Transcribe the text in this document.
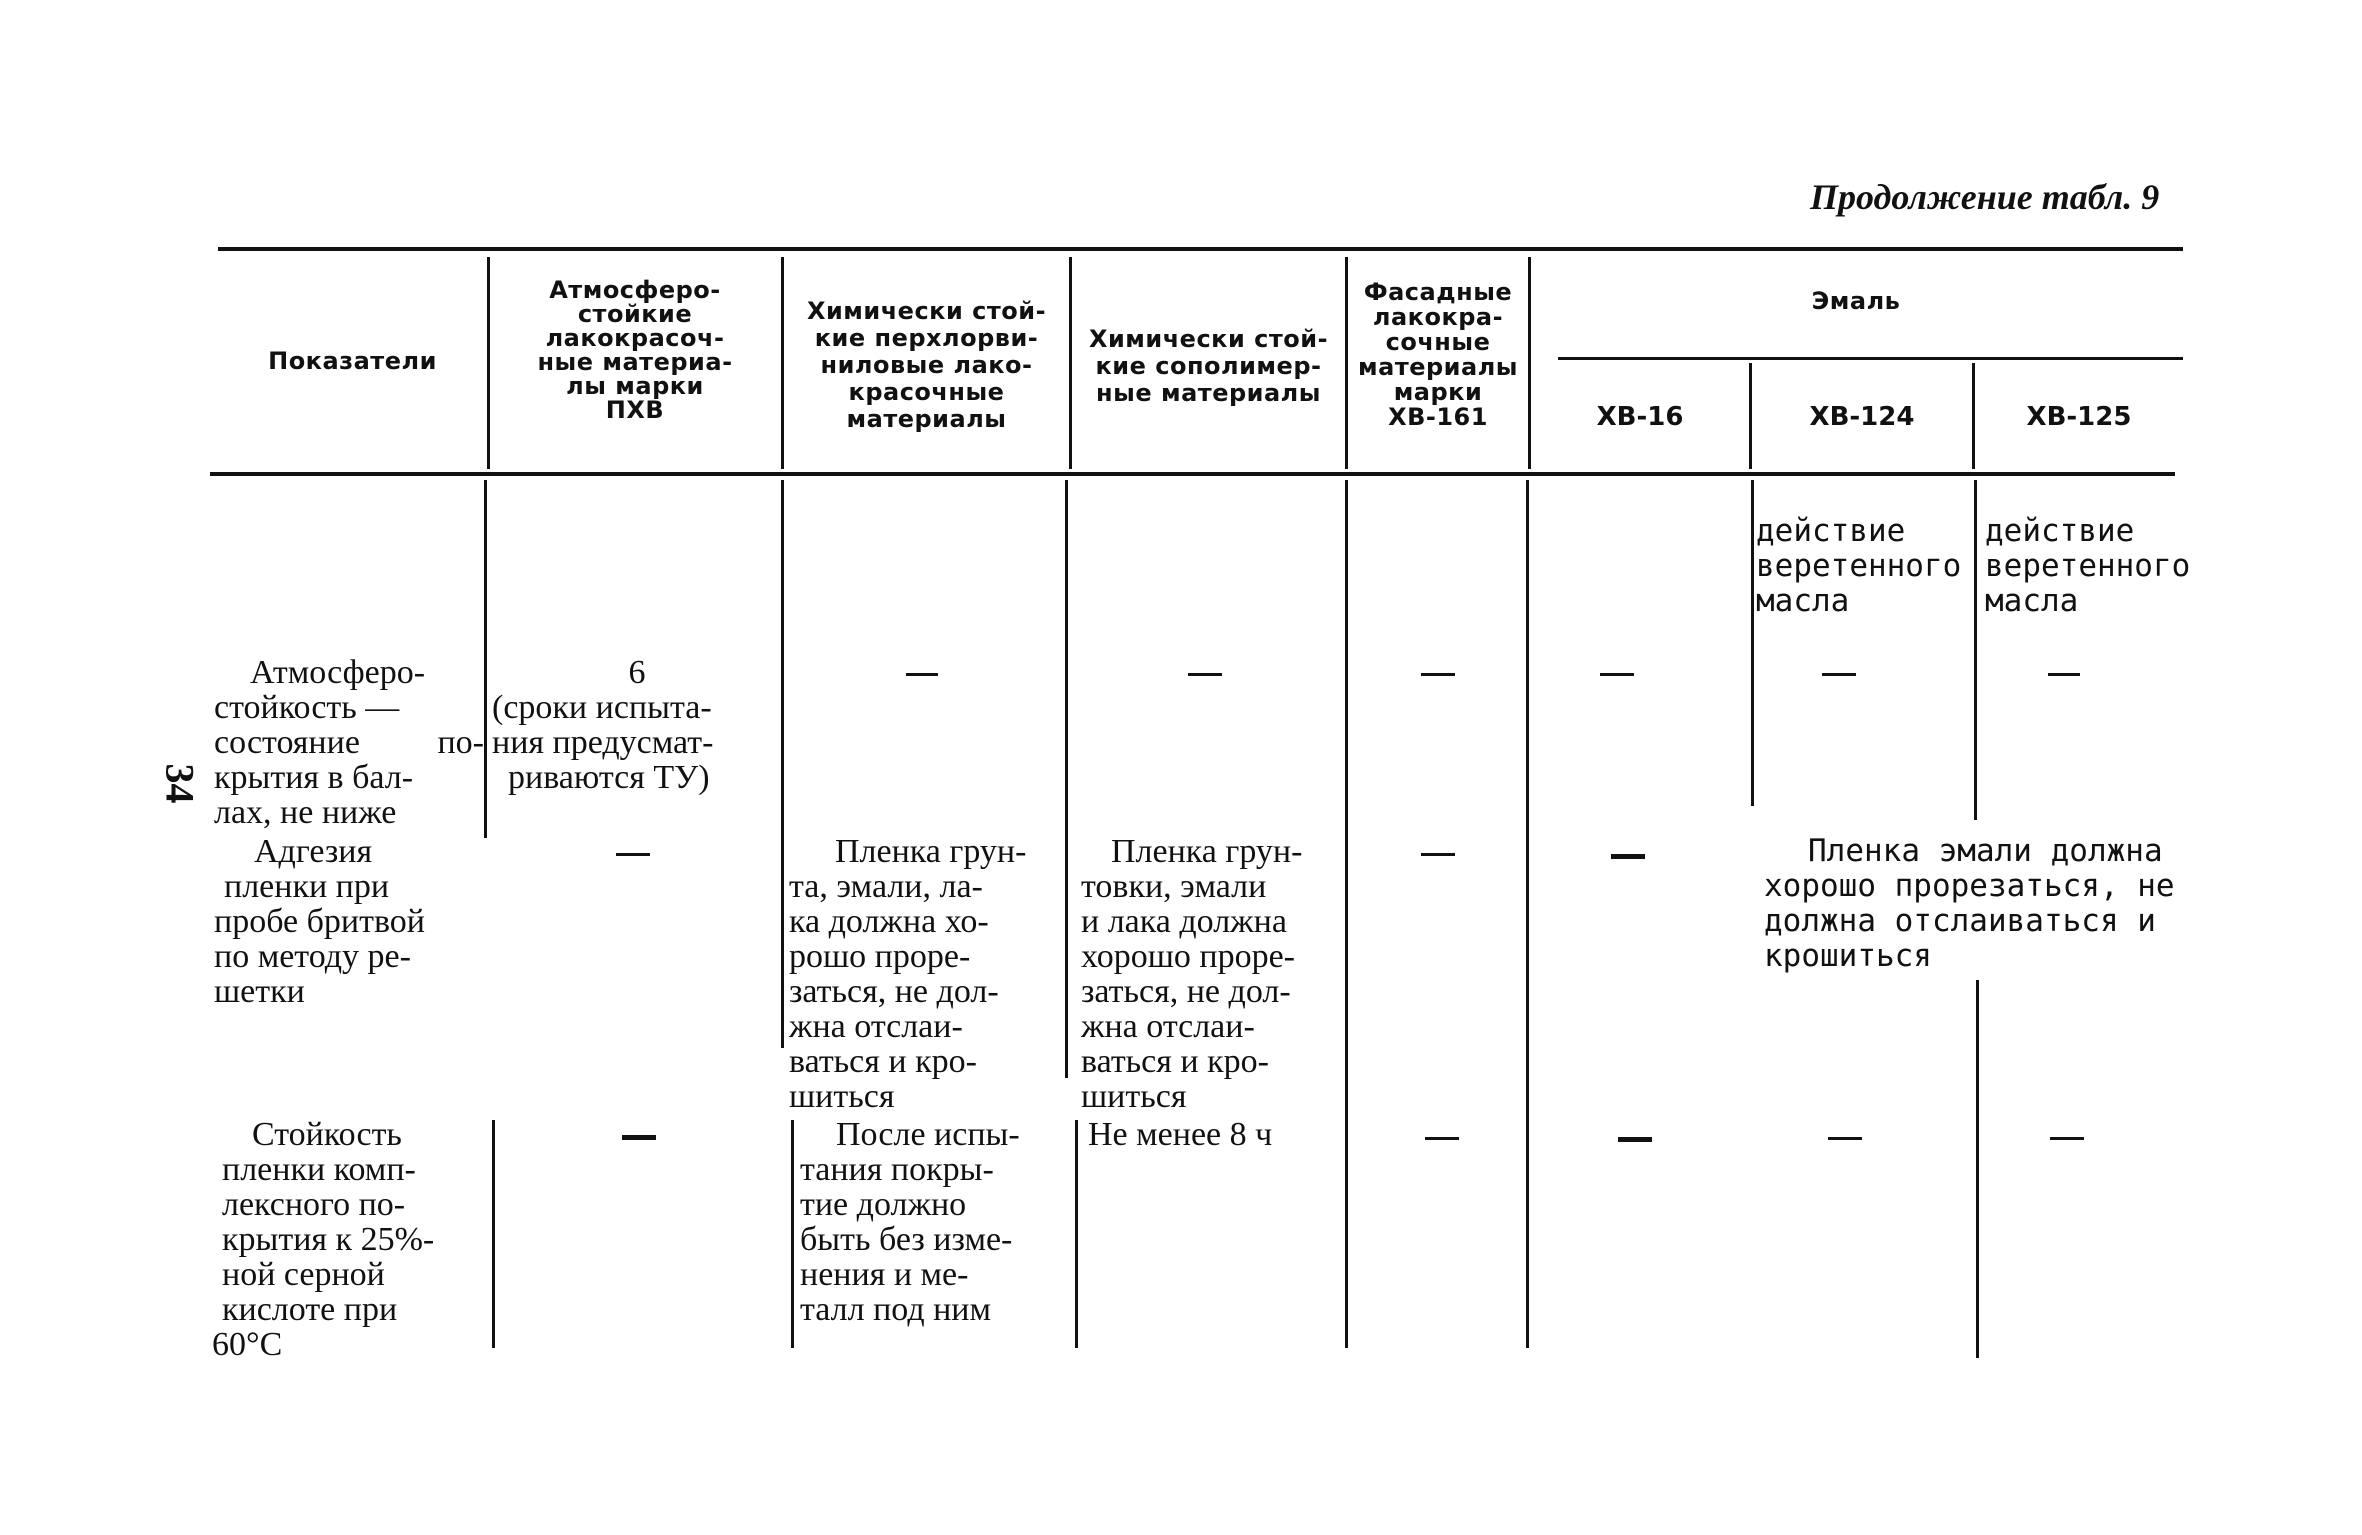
Продолжение табл. 9
Показатели
Атмосферо-
стойкие
лакокрасоч-
ные материа-
лы марки
ПХВ
Химически стой-
кие перхлорви-
ниловые лако-
красочные
материалы
Химически стой-
кие сополимер-
ные материалы
Фасадные
лакокра-
сочные
материалы
марки
ХВ-161
Эмаль
ХВ-16	ХВ-124	ХВ-125
34
действие
веретенного
масла
действие
веретенного
масла
Атмосферо-
стойкость —
состояние по-
крытия в бал-
лах, не ниже
6
(сроки испыта-
ния предусмат-
риваются ТУ)
Адгезия
пленки при
пробе бритвой
по методу ре-
шетки
Пленка грун-
та, эмали, ла-
ка должна хо-
рошо проре-
заться, не дол-
жна отслаи-
ваться и кро-
шиться
Пленка грун-
товки, эмали
и лака должна
хорошо проре-
заться, не дол-
жна отслаи-
ваться и кро-
шиться
Пленка эмали должна
хорошо прорезаться, не
должна отслаиваться и
крошиться
Стойкость
пленки комп-
лексного по-
крытия к 25%-
ной серной
кислоте при
60°С
После испы-
тания покры-
тие должно
быть без изме-
нения и ме-
талл под ним
Не менее 8 ч
